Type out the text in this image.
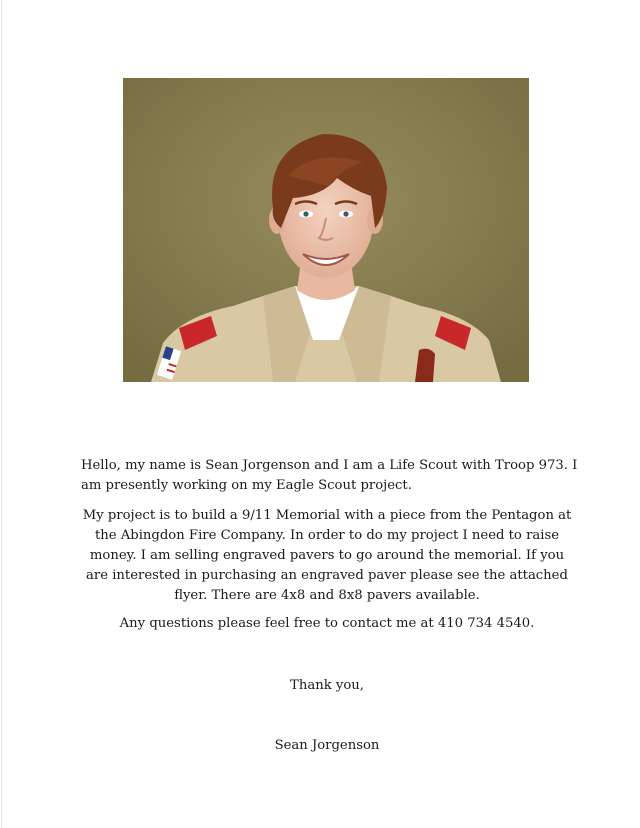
Hello, my name is Sean Jorgenson and I am a Life Scout with Troop 973. I am presently working on my Eagle Scout project.
My project is to build a 9/11 Memorial with a piece from the Pentagon at the Abingdon Fire Company. In order to do my project I need to raise money. I am selling engraved pavers to go around the memorial. If you are interested in purchasing an engraved paver please see the attached flyer. There are 4x8 and 8x8 pavers available.
Any questions please feel free to contact me at 410 734 4540.
Thank you,
Sean Jorgenson
